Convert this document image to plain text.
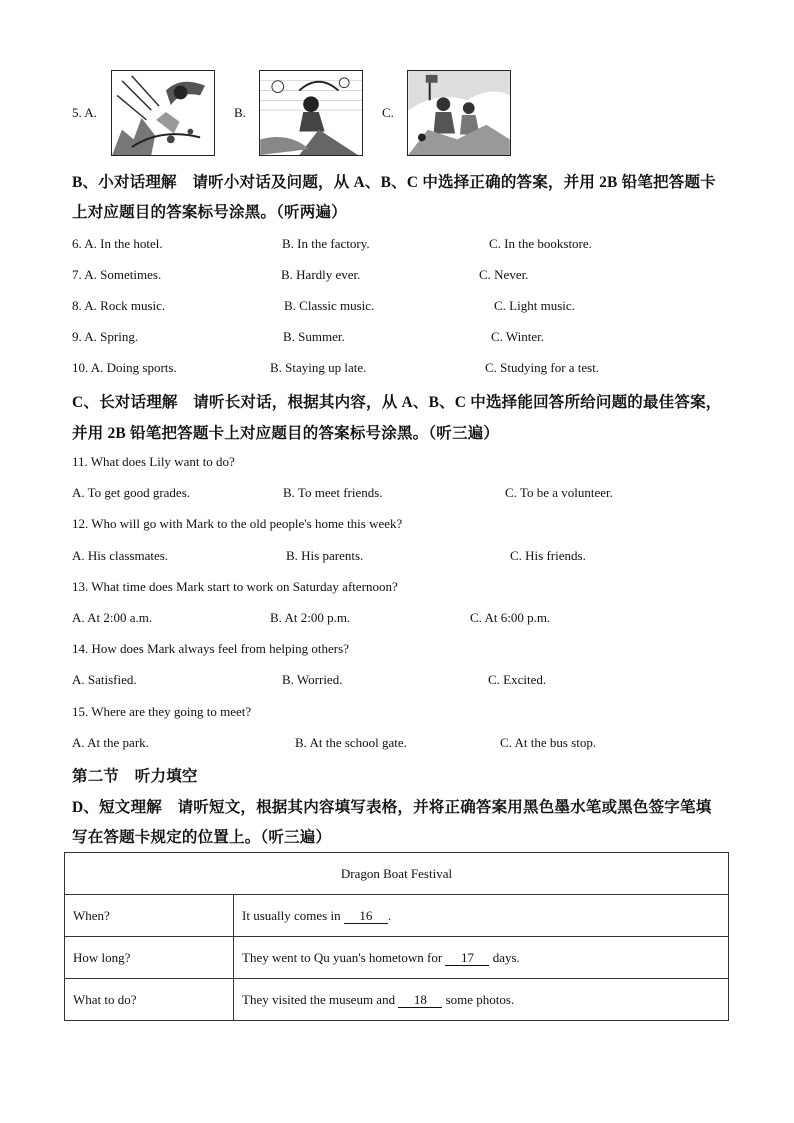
5. A.	B.	C.
B、小对话理解　请听小对话及问题，从 A、B、C 中选择正确的答案，并用 2B 铅笔把答题卡
上对应题目的答案标号涂黑。（听两遍）
6. A. In the hotel.	B. In the factory.	C. In the bookstore.
7. A. Sometimes.	B. Hardly ever.	C. Never.
8. A. Rock music.	B. Classic music.	C. Light music.
9. A. Spring.	B. Summer.	C. Winter.
10. A. Doing sports.	B. Staying up late.	C. Studying for a test.
C、长对话理解　请听长对话，根据其内容，从 A、B、C 中选择能回答所给问题的最佳答案，
并用 2B 铅笔把答题卡上对应题目的答案标号涂黑。（听三遍）
11. What does Lily want to do?
A. To get good grades.	B. To meet friends.	C. To be a volunteer.
12. Who will go with Mark to the old people's home this week?
A. His classmates.	B. His parents.	C. His friends.
13. What time does Mark start to work on Saturday afternoon?
A. At 2:00 a.m.	B. At 2:00 p.m.	C. At 6:00 p.m.
14. How does Mark always feel from helping others?
A. Satisfied.	B. Worried.	C. Excited.
15. Where are they going to meet?
A. At the park.	B. At the school gate.	C. At the bus stop.
第二节　听力填空
D、短文理解　请听短文，根据其内容填写表格，并将正确答案用黑色墨水笔或黑色签字笔填
写在答题卡规定的位置上。（听三遍）
Dragon Boat Festival	
When?	It usually comes in 16 .
How long?	They went to Qu yuan's hometown for 17 days.
What to do?	They visited the museum and 18 some photos.
